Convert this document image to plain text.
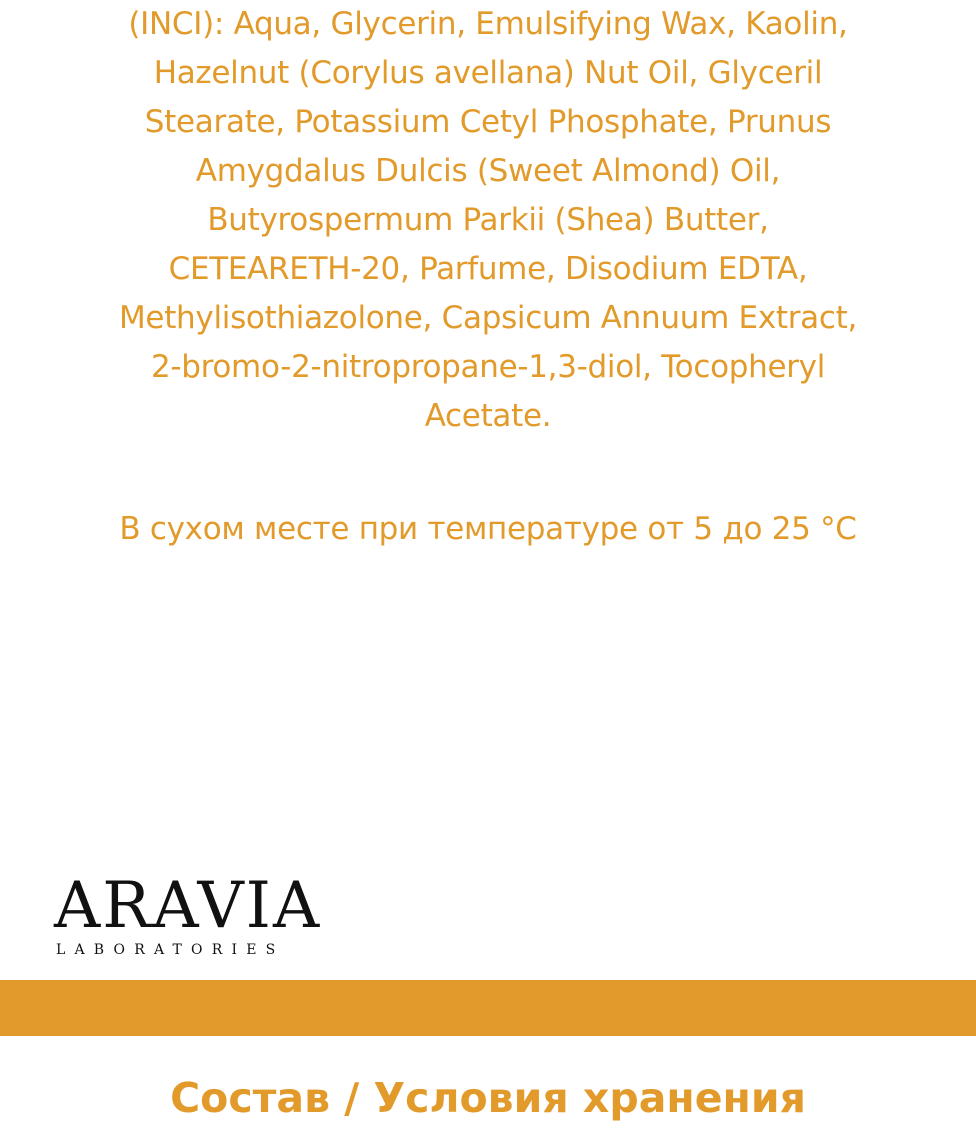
(INCI): Aqua, Glycerin, Emulsifying Wax, Kaolin,
Hazelnut (Corylus avellana) Nut Oil, Glyceril
Stearate, Potassium Cetyl Phosphate, Prunus
Amygdalus Dulcis (Sweet Almond) Oil,
Butyrospermum Parkii (Shea) Butter,
CETEARETH-20, Parfume, Disodium EDTA,
Methylisothiazolone, Capsicum Annuum Extract,
2-bromo-2-nitropropane-1,3-diol, Tocopheryl
Acetate.
В сухом месте при температуре от 5 до 25 °С
ARAVIA
LABORATORIES
Состав / Условия хранения
